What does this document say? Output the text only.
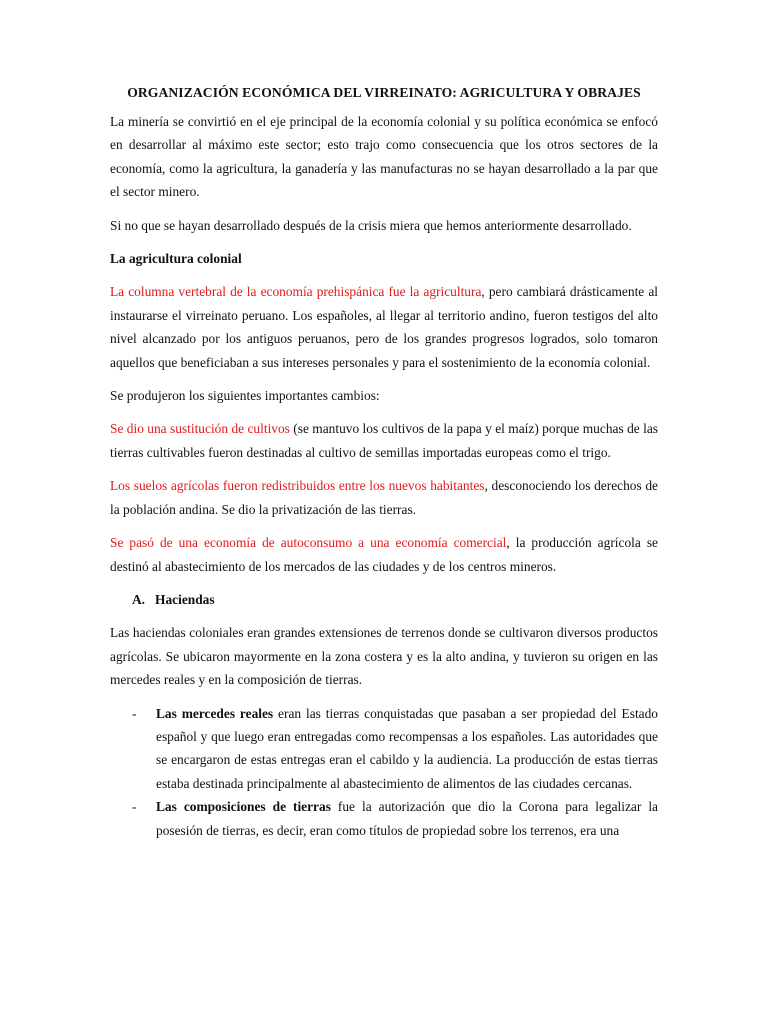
ORGANIZACIÓN ECONÓMICA DEL VIRREINATO: AGRICULTURA Y OBRAJES

La minería se convirtió en el eje principal de la economía colonial y su política económica se enfocó en desarrollar al máximo este sector; esto trajo como consecuencia que los otros sectores de la economía, como la agricultura, la ganadería y las manufacturas no se hayan desarrollado a la par que el sector minero.

Si no que se hayan desarrollado después de la crisis miera que hemos anteriormente desarrollado.

La agricultura colonial

La columna vertebral de la economía prehispánica fue la agricultura, pero cambiará drásticamente al instaurarse el virreinato peruano. Los españoles, al llegar al territorio andino, fueron testigos del alto nivel alcanzado por los antiguos peruanos, pero de los grandes progresos logrados, solo tomaron aquellos que beneficiaban a sus intereses personales y para el sostenimiento de la economía colonial.

Se produjeron los siguientes importantes cambios:

Se dio una sustitución de cultivos (se mantuvo los cultivos de la papa y el maíz) porque muchas de las tierras cultivables fueron destinadas al cultivo de semillas importadas europeas como el trigo.

Los suelos agrícolas fueron redistribuidos entre los nuevos habitantes, desconociendo los derechos de la población andina. Se dio la privatización de las tierras.

Se pasó de una economía de autoconsumo a una economía comercial, la producción agrícola se destinó al abastecimiento de los mercados de las ciudades y de los centros mineros.

A.   Haciendas

Las haciendas coloniales eran grandes extensiones de terrenos donde se cultivaron diversos productos agrícolas. Se ubicaron mayormente en la zona costera y es la alto andina, y tuvieron su origen en las mercedes reales y en la composición de tierras.

- Las mercedes reales eran las tierras conquistadas que pasaban a ser propiedad del Estado español y que luego eran entregadas como recompensas a los españoles. Las autoridades que se encargaron de estas entregas eran el cabildo y la audiencia. La producción de estas tierras estaba destinada principalmente al abastecimiento de alimentos de las ciudades cercanas.
- Las composiciones de tierras fue la autorización que dio la Corona para legalizar la posesión de tierras, es decir, eran como títulos de propiedad sobre los terrenos, era una
